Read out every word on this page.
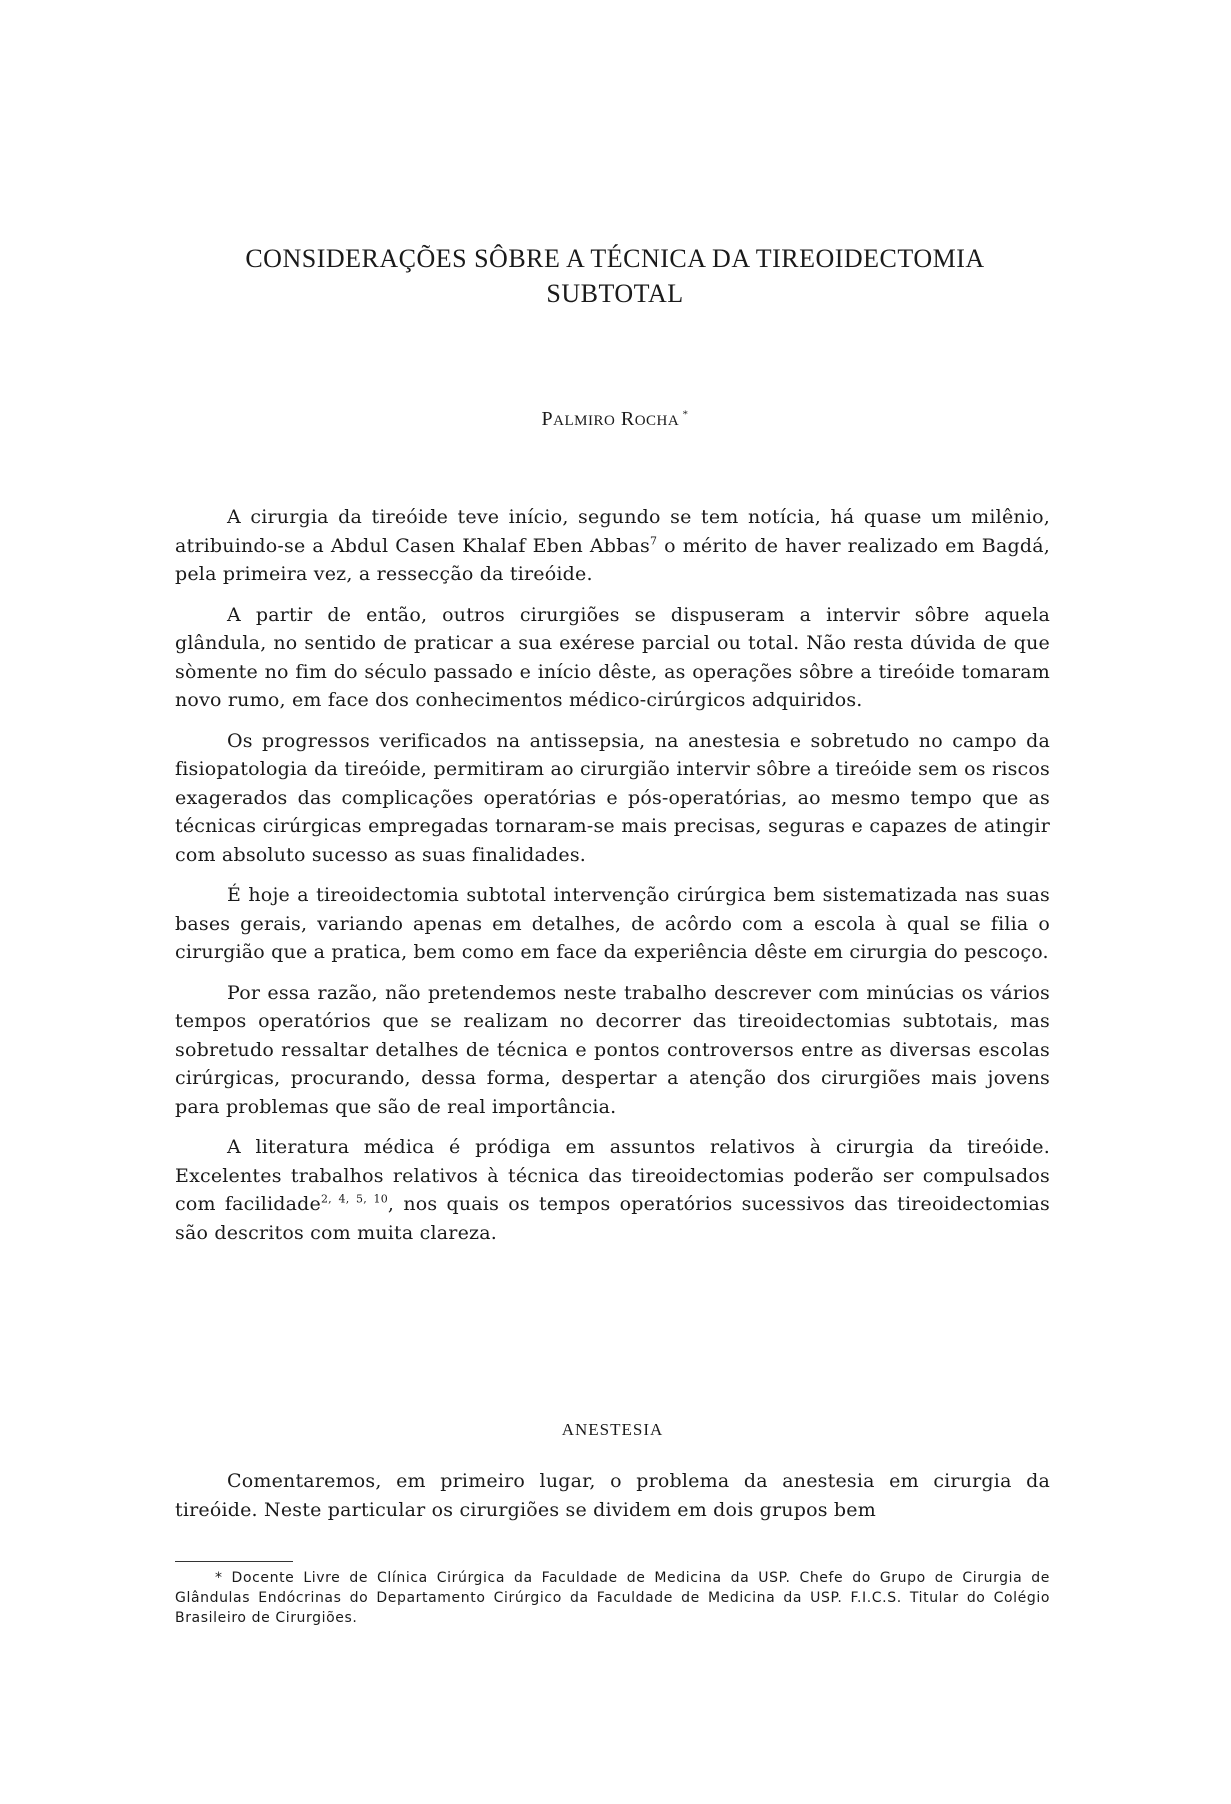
CONSIDERAÇÕES SÔBRE A TÉCNICA DA TIREOIDECTOMIA
SUBTOTAL
PALMIRO ROCHA *

A cirurgia da tireóide teve início, segundo se tem notícia, há quase um milênio, atribuindo-se a Abdul Casen Khalaf Eben Abbas$^7$ o mérito de haver realizado em Bagdá, pela primeira vez, a ressecção da tireóide.

A partir de então, outros cirurgiões se dispuseram a intervir sôbre aquela glândula, no sentido de praticar a sua exérese parcial ou total. Não resta dúvida de que sòmente no fim do século passado e início dêste, as operações sôbre a tireóide tomaram novo rumo, em face dos conhecimentos médico-cirúrgicos adquiridos.

Os progressos verificados na antissepsia, na anestesia e sobretudo no campo da fisiopatologia da tireóide, permitiram ao cirurgião intervir sôbre a tireóide sem os riscos exagerados das complicações operatórias e pós-operatórias, ao mesmo tempo que as técnicas cirúrgicas empregadas tornaram-se mais precisas, seguras e capazes de atingir com absoluto sucesso as suas finalidades.

É hoje a tireoidectomia subtotal intervenção cirúrgica bem sistematizada nas suas bases gerais, variando apenas em detalhes, de acôrdo com a escola à qual se filia o cirurgião que a pratica, bem como em face da experiência dêste em cirurgia do pescoço.

Por essa razão, não pretendemos neste trabalho descrever com minúcias os vários tempos operatórios que se realizam no decorrer das tireoidectomias subtotais, mas sobretudo ressaltar detalhes de técnica e pontos controversos entre as diversas escolas cirúrgicas, procurando, dessa forma, despertar a atenção dos cirurgiões mais jovens para problemas que são de real importância.

A literatura médica é pródiga em assuntos relativos à cirurgia da tireóide. Excelentes trabalhos relativos à técnica das tireoidectomias poderão ser compulsados com facilidade$^{2, 4, 5, 10}$, nos quais os tempos operatórios sucessivos das tireoidectomias são descritos com muita clareza.

ANESTESIA

Comentaremos, em primeiro lugar, o problema da anestesia em cirurgia da tireóide. Neste particular os cirurgiões se dividem em dois grupos bem

* Docente Livre de Clínica Cirúrgica da Faculdade de Medicina da USP. Chefe do Grupo de Cirurgia de Glândulas Endócrinas do Departamento Cirúrgico da Faculdade de Medicina da USP. F.I.C.S. Titular do Colégio Brasileiro de Cirurgiões.
